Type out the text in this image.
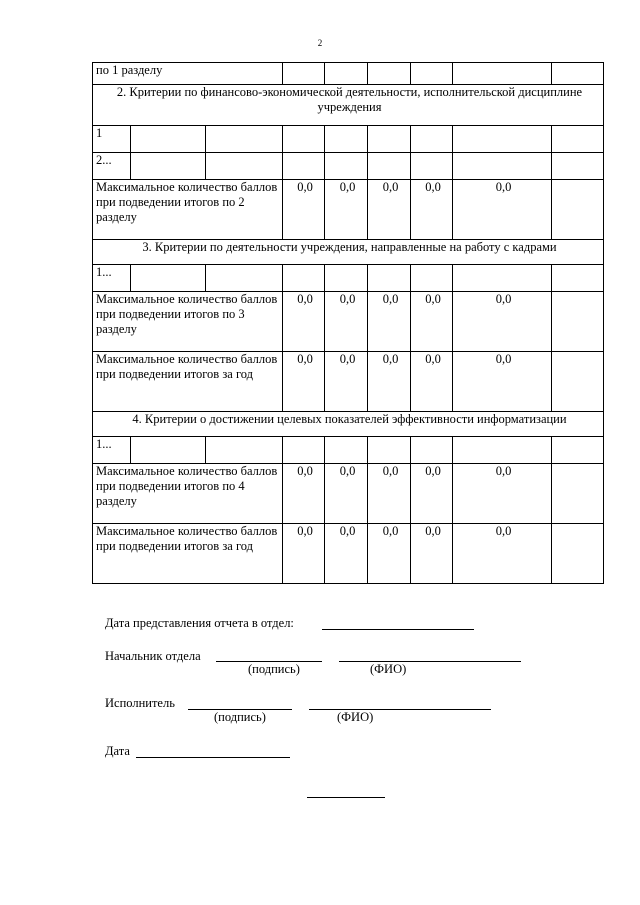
2
по 1 разделу								
2. Критерии по финансово-экономической деятельности, исполнительской дисциплине учреждения								
1								
2...								
Максимальное количество баллов при подведении итогов по 2 разделу			0,0	0,0	0,0	0,0	0,0	
3. Критерии по деятельности учреждения, направленные на работу с кадрами								
1...								
Максимальное количество баллов при подведении итогов по 3 разделу			0,0	0,0	0,0	0,0	0,0	
Максимальное количество баллов при подведении итогов за год			0,0	0,0	0,0	0,0	0,0	
4. Критерии о достижении целевых показателей эффективности информатизации								
1...								
Максимальное количество баллов при подведении итогов по 4 разделу			0,0	0,0	0,0	0,0	0,0	
Максимальное количество баллов при подведении итогов за год			0,0	0,0	0,0	0,0	0,0	
Дата представления отчета в отдел:
Начальник отдела
(подпись)	(ФИО)
Исполнитель
(подпись)	(ФИО)
Дата
